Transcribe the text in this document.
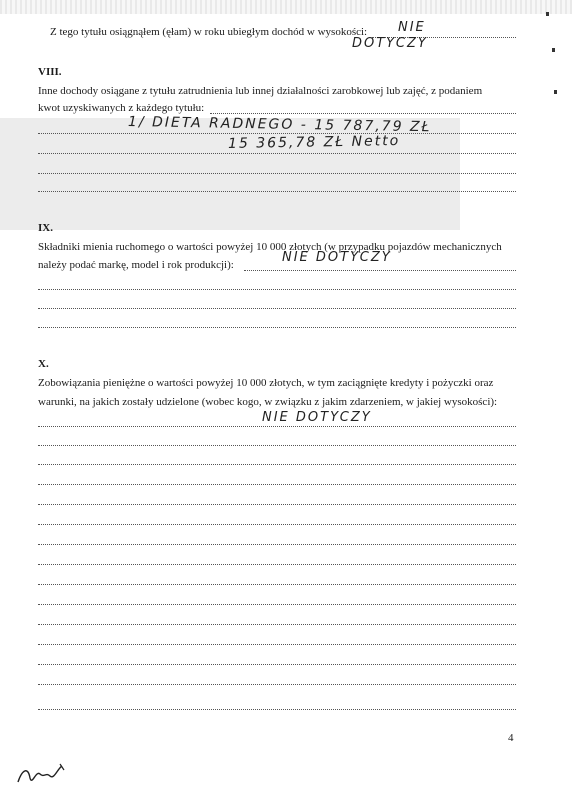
Z tego tytułu osiągnąłem (ęłam) w roku ubiegłym dochód w wysokości: NIE
DOTYCZY
VIII.
Inne dochody osiągane z tytułu zatrudnienia lub innej działalności zarobkowej lub zajęć, z podaniem
kwot uzyskiwanych z każdego tytułu:
1/ DIETA RADNEGO - 15 787,79 ZŁ
15 365,78 ZŁ Netto
IX.
Składniki mienia ruchomego o wartości powyżej 10 000 złotych (w przypadku pojazdów mechanicznych
należy podać markę, model i rok produkcji):	NIE DOTYCZY
X.
Zobowiązania pieniężne o wartości powyżej 10 000 złotych, w tym zaciągnięte kredyty i pożyczki oraz
warunki, na jakich zostały udzielone (wobec kogo, w związku z jakim zdarzeniem, w jakiej wysokości):
NIE DOTYCZY
4
